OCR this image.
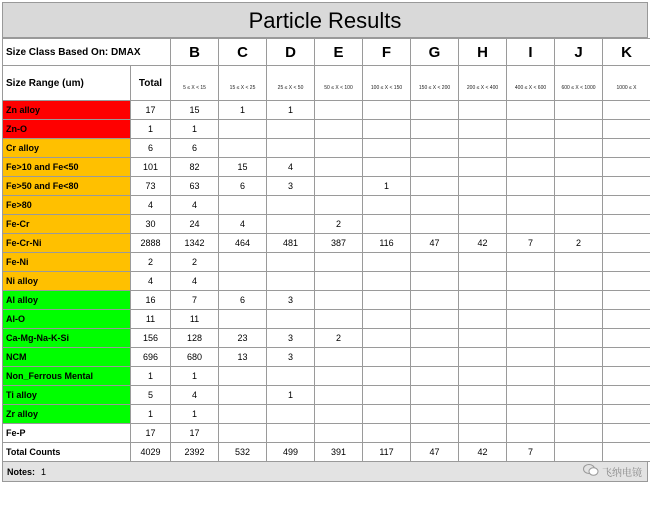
Particle Results
Size Class Based On: DMAX		B	C	D	E	F	G	H	I	J	K
Size Range (um)	Total	5 ≤ X < 15	15 ≤ X < 25	25 ≤ X < 50	50 ≤ X < 100	100 ≤ X < 150	150 ≤ X < 200	200 ≤ X < 400	400 ≤ X < 600	600 ≤ X < 1000	1000 ≤ X
Zn alloy	17	15	1	1							
Zn-O	1	1									
Cr alloy	6	6									
Fe>10 and Fe<50	101	82	15	4							
Fe>50 and Fe<80	73	63	6	3		1					
Fe>80	4	4									
Fe-Cr	30	24	4		2						
Fe-Cr-Ni	2888	1342	464	481	387	116	47	42	7	2	
Fe-Ni	2	2									
Ni alloy	4	4									
Al alloy	16	7	6	3							
Al-O	11	11									
Ca-Mg-Na-K-Si	156	128	23	3	2						
NCM	696	680	13	3							
Non_Ferrous Mental	1	1									
Ti alloy	5	4		1							
Zr alloy	1	1									
Fe-P	17	17									
Total Counts	4029	2392	532	499	391	117	47	42	7		
Notes: 1	飞纳电镜
